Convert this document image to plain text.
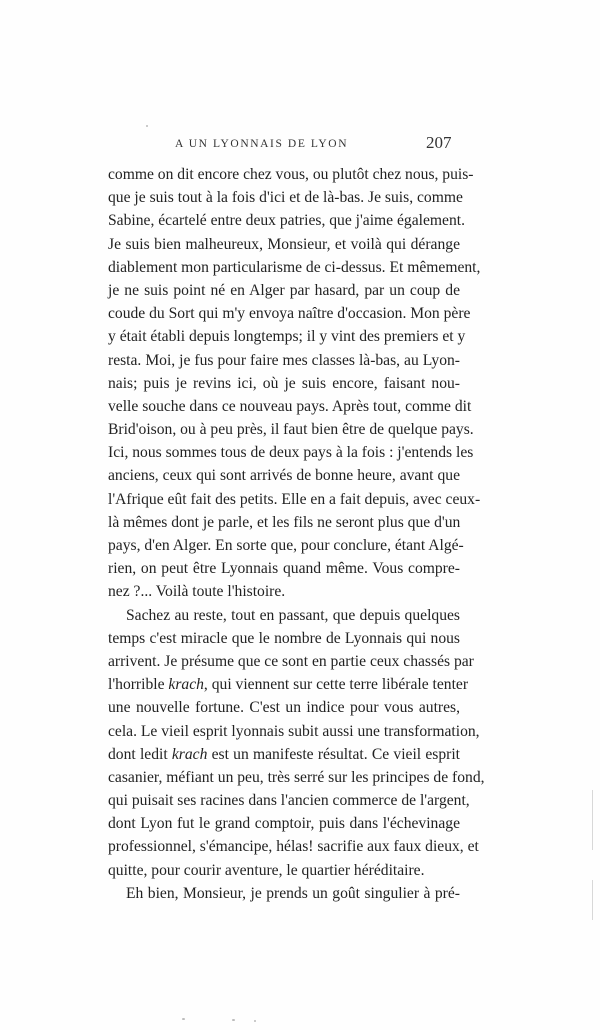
A UN LYONNAIS DE LYON	207
comme on dit encore chez vous, ou plutôt chez nous, puis-
que je suis tout à la fois d'ici et de là-bas. Je suis, comme
Sabine, écartelé entre deux patries, que j'aime également.
Je suis bien malheureux, Monsieur, et voilà qui dérange
diablement mon particularisme de ci-dessus. Et mêmement,
je ne suis point né en Alger par hasard, par un coup de
coude du Sort qui m'y envoya naître d'occasion. Mon père
y était établi depuis longtemps; il y vint des premiers et y
resta. Moi, je fus pour faire mes classes là-bas, au Lyon-
nais; puis je revins ici, où je suis encore, faisant nou-
velle souche dans ce nouveau pays. Après tout, comme dit
Brid'oison, ou à peu près, il faut bien être de quelque pays.
Ici, nous sommes tous de deux pays à la fois : j'entends les
anciens, ceux qui sont arrivés de bonne heure, avant que
l'Afrique eût fait des petits. Elle en a fait depuis, avec ceux-
là mêmes dont je parle, et les fils ne seront plus que d'un
pays, d'en Alger. En sorte que, pour conclure, étant Algé-
rien, on peut être Lyonnais quand même. Vous compre-
nez ?... Voilà toute l'histoire.
Sachez au reste, tout en passant, que depuis quelques
temps c'est miracle que le nombre de Lyonnais qui nous
arrivent. Je présume que ce sont en partie ceux chassés par
l'horrible krach, qui viennent sur cette terre libérale tenter
une nouvelle fortune. C'est un indice pour vous autres,
cela. Le vieil esprit lyonnais subit aussi une transformation,
dont ledit krach est un manifeste résultat. Ce vieil esprit
casanier, méfiant un peu, très serré sur les principes de fond,
qui puisait ses racines dans l'ancien commerce de l'argent,
dont Lyon fut le grand comptoir, puis dans l'échevinage
professionnel, s'émancipe, hélas! sacrifie aux faux dieux, et
quitte, pour courir aventure, le quartier héréditaire.
Eh bien, Monsieur, je prends un goût singulier à pré-
